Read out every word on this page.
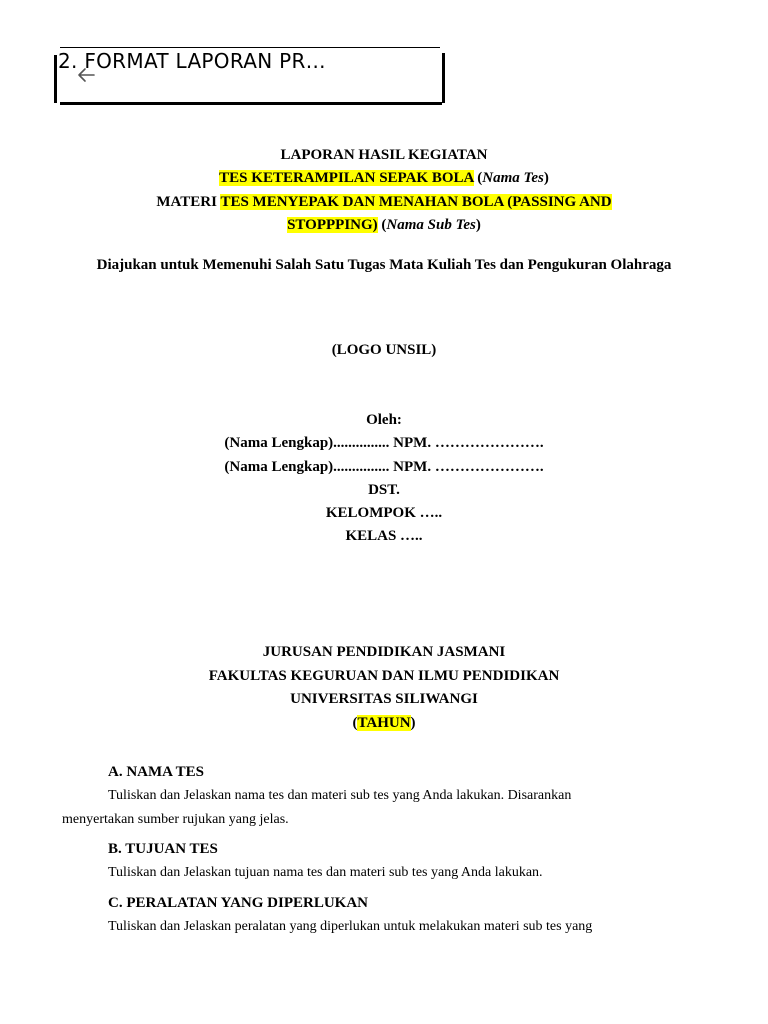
2. FORMAT LAPORAN PR…
LAPORAN HASIL KEGIATAN
TES KETERAMPILAN SEPAK BOLA (Nama Tes)
MATERI TES MENYEPAK DAN MENAHAN BOLA (PASSING AND
STOPPPING) (Nama Sub Tes)
Diajukan untuk Memenuhi Salah Satu Tugas Mata Kuliah Tes dan Pengukuran Olahraga
(LOGO UNSIL)
Oleh:
(Nama Lengkap)............... NPM. ………………….
(Nama Lengkap)............... NPM. ………………….
DST.
KELOMPOK …..
KELAS …..
JURUSAN PENDIDIKAN JASMANI
FAKULTAS KEGURUAN DAN ILMU PENDIDIKAN
UNIVERSITAS SILIWANGI
(TAHUN)
A. NAMA TES
Tuliskan dan Jelaskan nama tes dan materi sub tes yang Anda lakukan. Disarankan
menyertakan sumber rujukan yang jelas.
B. TUJUAN TES
Tuliskan dan Jelaskan tujuan nama tes dan materi sub tes yang Anda lakukan.
C. PERALATAN YANG DIPERLUKAN
Tuliskan dan Jelaskan peralatan yang diperlukan untuk melakukan materi sub tes yang
